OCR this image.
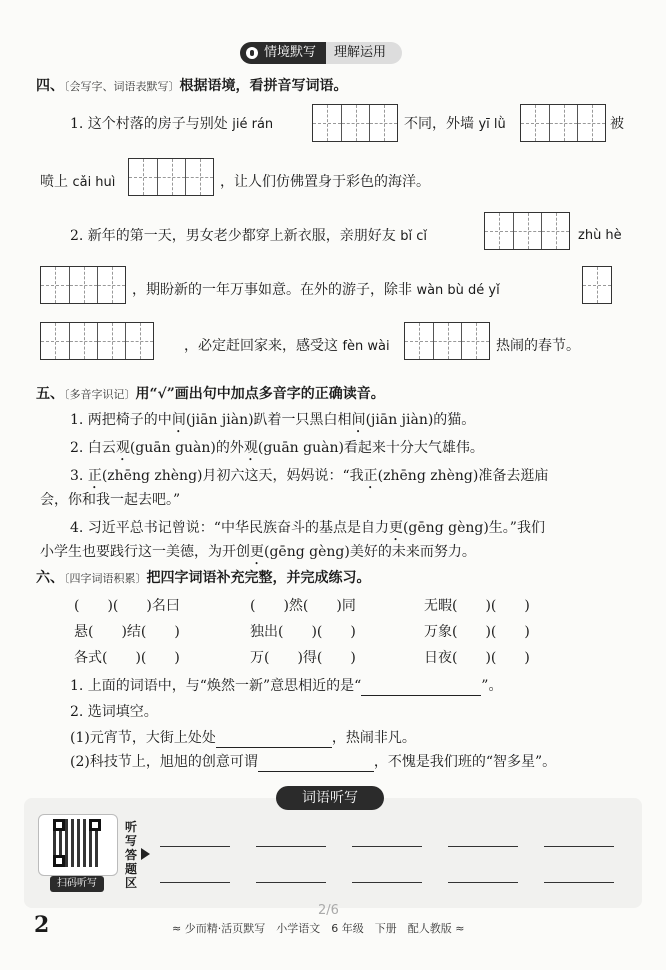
情境默写	理解运用
四、〔会写字、词语表默写〕根据语境，看拼音写词语。
1. 这个村落的房子与别处 jié rán	不同，外墙 yī lǜ	被
喷上 cǎi huì	，让人们仿佛置身于彩色的海洋。
2. 新年的第一天，男女老少都穿上新衣服，亲朋好友 bǐ cǐ	zhù hè
，期盼新的一年万事如意。在外的游子，除非 wàn bù dé yǐ
，必定赶回家来，感受这 fèn wài	热闹的春节。
五、〔多音字识记〕用“√”画出句中加点多音字的正确读音。
1. 两把椅子的中间(jiān jiàn)趴着一只黑白相间(jiān jiàn)的猫。
2. 白云观(guān guàn)的外观(guān guàn)看起来十分大气雄伟。
3. 正(zhēng zhèng)月初六这天，妈妈说：“我正(zhēng zhèng)准备去逛庙
会，你和我一起去吧。”
4. 习近平总书记曾说：“中华民族奋斗的基点是自力更(gēng gèng)生。”我们
小学生也要践行这一美德，为开创更(gēng gèng)美好的未来而努力。
六、〔四字词语积累〕把四字词语补充完整，并完成练习。
(　　)(　　)名曰	(　　)然(　　)同	无暇(　　)(　　)
悬(　　)结(　　)	独出(　　)(　　)	万象(　　)(　　)
各式(　　)(　　)	万(　　)得(　　)	日夜(　　)(　　)
1. 上面的词语中，与“焕然一新”意思相近的是“	”。
2. 选词填空。
(1)元宵节，大街上处处	，热闹非凡。
(2)科技节上，旭旭的创意可谓	，不愧是我们班的“智多星”。
词语听写
扫码听写
听写答题区
2
2/6
≈ 少而精·活页默写　小学语文　6 年级　下册　配人教版 ≈
